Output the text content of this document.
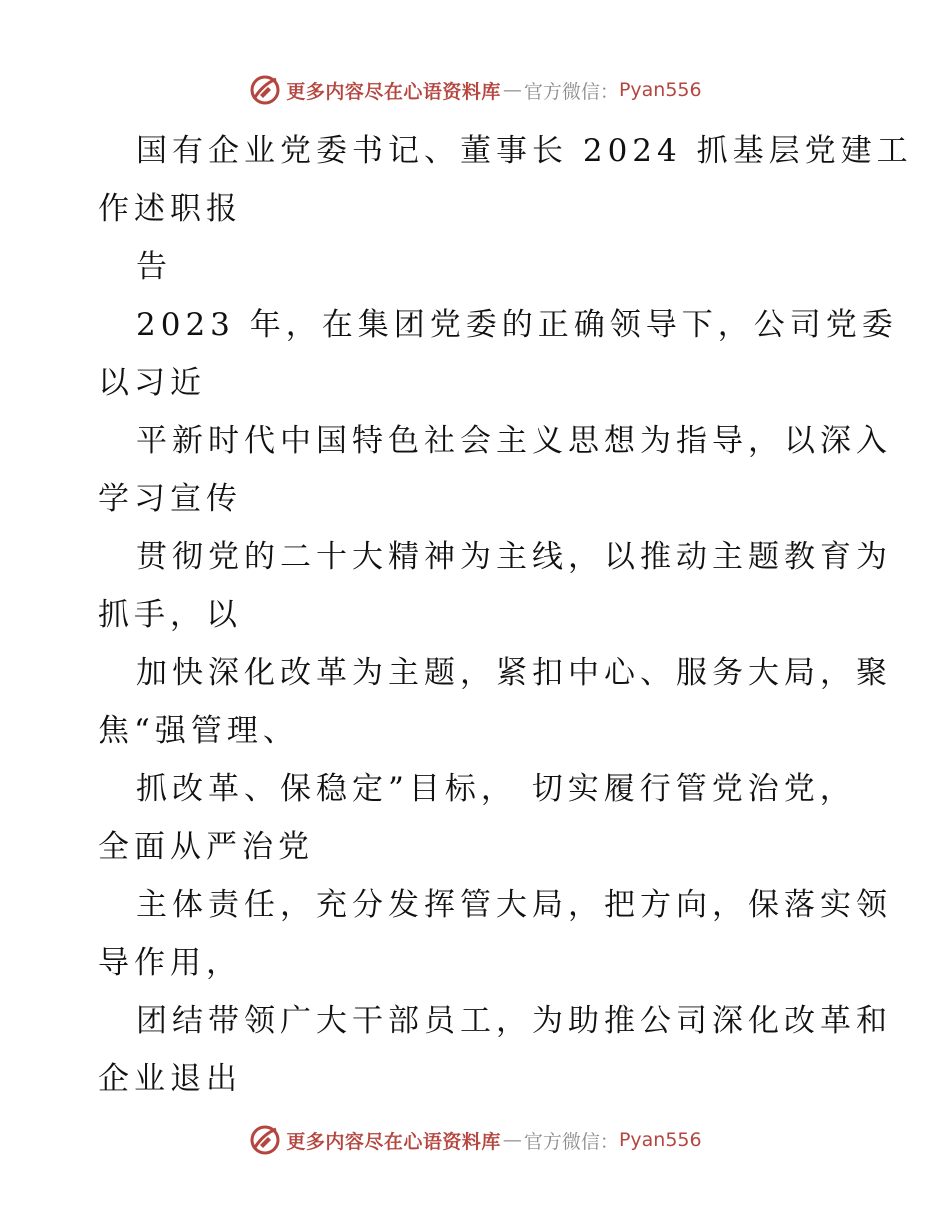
更多内容尽在心语资料库 — 官方微信 ： Pyan556
国有企业党委书记、董事长 2024 抓基层党建工
作述职报
告
2023 年，在集团党委的正确领导下，公司党委
以习近
平新时代中国特色社会主义思想为指导，以深入
学习宣传
贯彻党的二十大精神为主线，以推动主题教育为
抓手，以
加快深化改革为主题，紧扣中心、服务大局，聚
焦“强管理、
抓改革、保稳定”目标， 切实履行管党治党，
全面从严治党
主体责任，充分发挥管大局，把方向，保落实领
导作用，
团结带领广大干部员工，为助推公司深化改革和
企业退出
更多内容尽在心语资料库 — 官方微信 ： Pyan556
